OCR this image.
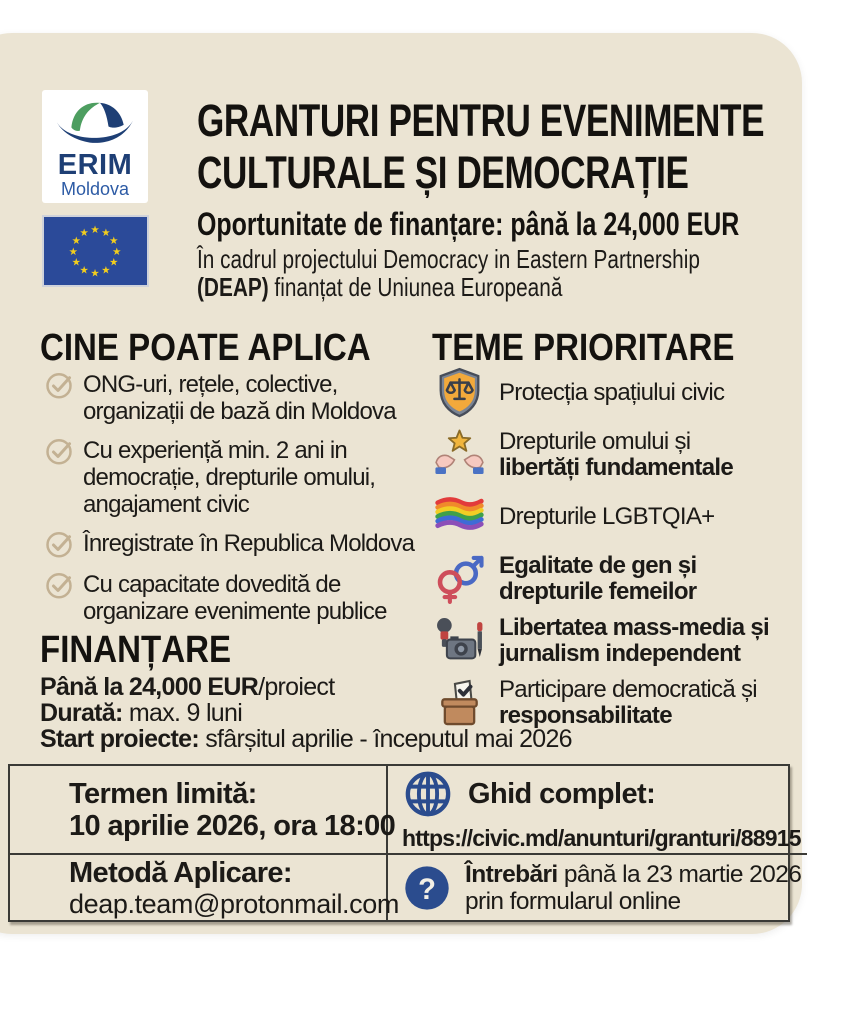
ERIM
Moldova
★ ★
★
★
★
★
★
★
★
★
★
★
GRANTURI PENTRU EVENIMENTE
CULTURALE ȘI DEMOCRAȚIE
Oportunitate de finanțare: până la 24,000 EUR
În cadrul projectului Democracy in Eastern Partnership
(DEAP) finanțat de Uniunea Europeană
CINE POATE APLICA
ONG-uri, rețele, colective, organizații de bază din Moldova
Cu experiență min. 2 ani in democrație, drepturile omului, angajament civic
Înregistrate în Republica Moldova
Cu capacitate dovedită de organizare evenimente publice
TEME PRIORITARE
Protecția spațiului civic
Drepturile omului și
libertăți fundamentale
Drepturile LGBTQIA+
Egalitate de gen și drepturile femeilor
Libertatea mass-media și jurnalism independent
Participare democratică și
responsabilitate
FINANȚARE
Până la 24,000 EUR/proiect
Durată: max. 9 luni
Start proiecte: sfârșitul aprilie - începutul mai 2026
Termen limită:
10 aprilie 2026, ora 18:00
Ghid complet:
https://civic.md/anunturi/granturi/88915
Metodă Aplicare:
deap.team@protonmail.com ? Întrebări până la 23 martie 2026
prin formularul online
